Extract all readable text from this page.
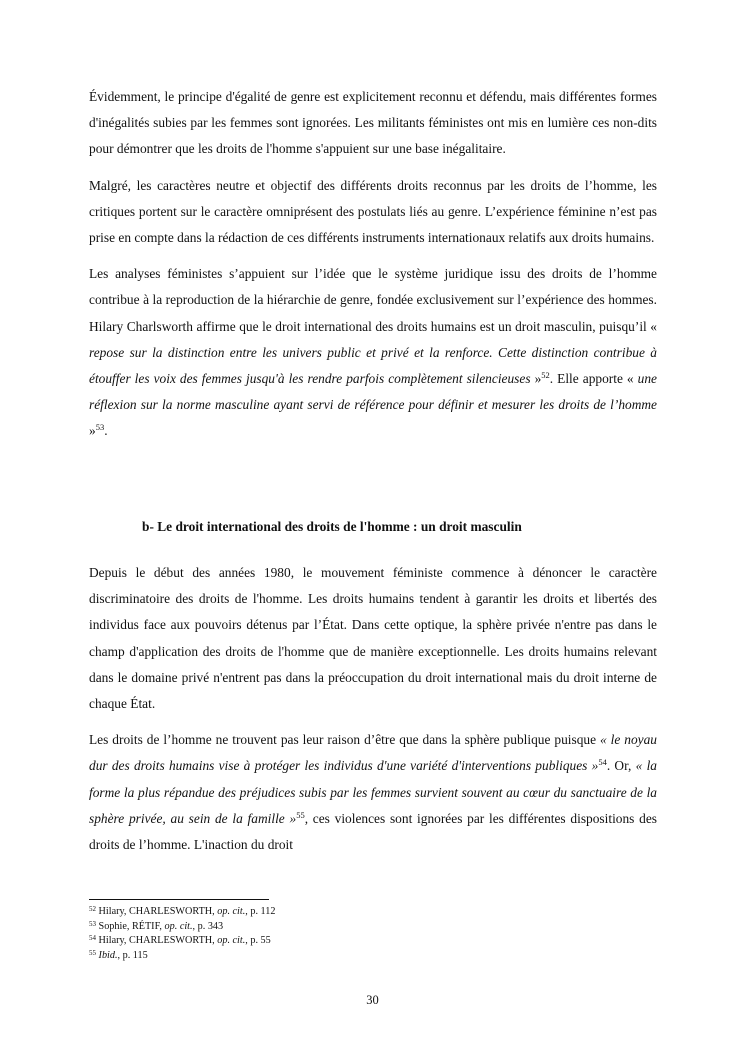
Évidemment, le principe d'égalité de genre est explicitement reconnu et défendu, mais différentes formes d'inégalités subies par les femmes sont ignorées. Les militants féministes ont mis en lumière ces non-dits pour démontrer que les droits de l'homme s'appuient sur une base inégalitaire.

Malgré, les caractères neutre et objectif des différents droits reconnus par les droits de l’homme, les critiques portent sur le caractère omniprésent des postulats liés au genre. L’expérience féminine n’est pas prise en compte dans la rédaction de ces différents instruments internationaux relatifs aux droits humains.

Les analyses féministes s’appuient sur l’idée que le système juridique issu des droits de l’homme contribue à la reproduction de la hiérarchie de genre, fondée exclusivement sur l’expérience des hommes. Hilary Charlsworth affirme que le droit international des droits humains est un droit masculin, puisqu’il « repose sur la distinction entre les univers public et privé et la renforce. Cette distinction contribue à étouffer les voix des femmes jusqu'à les rendre parfois complètement silencieuses »$^{52}$. Elle apporte « une réflexion sur la norme masculine ayant servi de référence pour définir et mesurer les droits de l’homme »$^{53}$.

b- Le droit international des droits de l'homme : un droit masculin

Depuis le début des années 1980, le mouvement féministe commence à dénoncer le caractère discriminatoire des droits de l'homme. Les droits humains tendent à garantir les droits et libertés des individus face aux pouvoirs détenus par l’État. Dans cette optique, la sphère privée n'entre pas dans le champ d'application des droits de l'homme que de manière exceptionnelle. Les droits humains relevant dans le domaine privé n'entrent pas dans la préoccupation du droit international mais du droit interne de chaque État.

Les droits de l’homme ne trouvent pas leur raison d’être que dans la sphère publique puisque « le noyau dur des droits humains vise à protéger les individus d'une variété d'interventions publiques »$^{54}$. Or, « la forme la plus répandue des préjudices subis par les femmes survient souvent au cœur du sanctuaire de la sphère privée, au sein de la famille »$^{55}$, ces violences sont ignorées par les différentes dispositions des droits de l’homme. L'inaction du droit

$^{52}$ Hilary, CHARLESWORTH, op. cit., p. 112
$^{53}$ Sophie, RÉTIF, op. cit., p. 343
$^{54}$ Hilary, CHARLESWORTH, op. cit., p. 55
$^{55}$ Ibid., p. 115
30
